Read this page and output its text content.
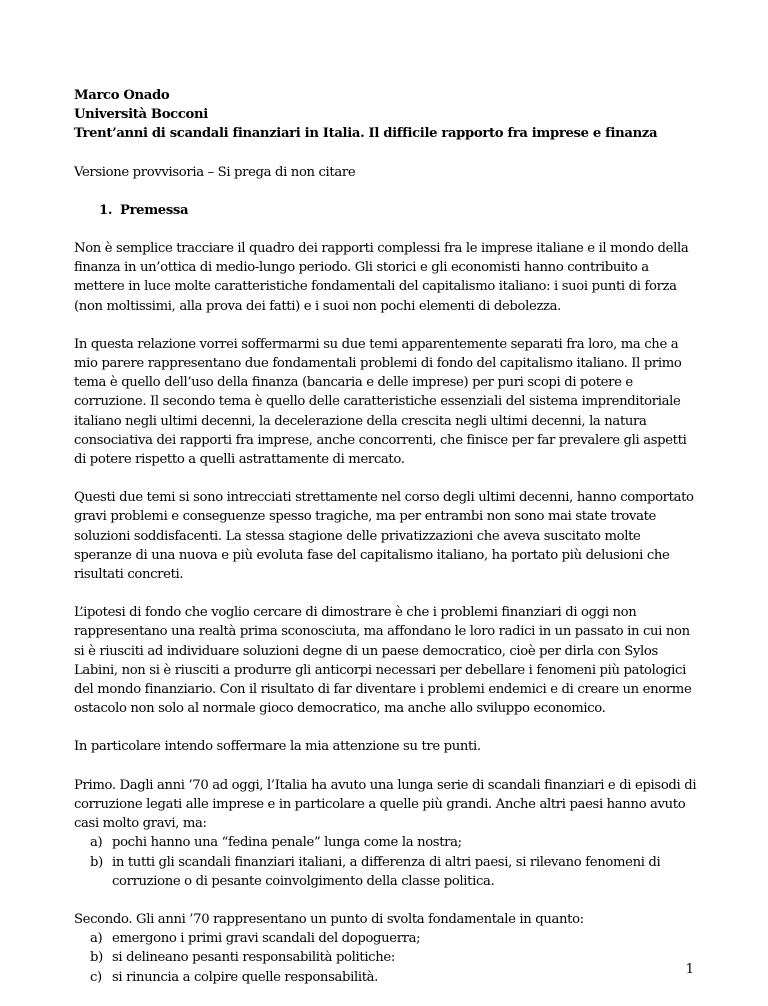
Marco Onado
Università Bocconi
Trent’anni di scandali finanziari in Italia. Il difficile rapporto fra imprese e finanza

Versione provvisoria – Si prega di non citare

1. Premessa

Non è semplice tracciare il quadro dei rapporti complessi fra le imprese italiane e il mondo della finanza in un’ottica di medio-lungo periodo. Gli storici e gli economisti hanno contribuito a mettere in luce molte caratteristiche fondamentali del capitalismo italiano: i suoi punti di forza (non moltissimi, alla prova dei fatti) e i suoi non pochi elementi di debolezza.

In questa relazione vorrei soffermarmi su due temi apparentemente separati fra loro, ma che a mio parere rappresentano due fondamentali problemi di fondo del capitalismo italiano. Il primo tema è quello dell’uso della finanza (bancaria e delle imprese) per puri scopi di potere e corruzione. Il secondo tema è quello delle caratteristiche essenziali del sistema imprenditoriale italiano negli ultimi decenni, la decelerazione della crescita negli ultimi decenni, la natura consociativa dei rapporti fra imprese, anche concorrenti, che finisce per far prevalere gli aspetti di potere rispetto a quelli astrattamente di mercato.

Questi due temi si sono intrecciati strettamente nel corso degli ultimi decenni, hanno comportato gravi problemi e conseguenze spesso tragiche, ma per entrambi non sono mai state trovate soluzioni soddisfacenti. La stessa stagione delle privatizzazioni che aveva suscitato molte speranze di una nuova e più evoluta fase del capitalismo italiano, ha portato più delusioni che risultati concreti.

L’ipotesi di fondo che voglio cercare di dimostrare è che i problemi finanziari di oggi non rappresentano una realtà prima sconosciuta, ma affondano le loro radici in un passato in cui non si è riusciti ad individuare soluzioni degne di un paese democratico, cioè per dirla con Sylos Labini, non si è riusciti a produrre gli anticorpi necessari per debellare i fenomeni più patologici del mondo finanziario. Con il risultato di far diventare i problemi endemici e di creare un enorme ostacolo non solo al normale gioco democratico, ma anche allo sviluppo economico.

In particolare intendo soffermare la mia attenzione su tre punti.

Primo. Dagli anni ’70 ad oggi, l’Italia ha avuto una lunga serie di scandali finanziari e di episodi di corruzione legati alle imprese e in particolare a quelle più grandi. Anche altri paesi hanno avuto casi molto gravi, ma:

a) pochi hanno una “fedina penale” lunga come la nostra;
b) in tutti gli scandali finanziari italiani, a differenza di altri paesi, si rilevano fenomeni di corruzione o di pesante coinvolgimento della classe politica.

Secondo. Gli anni ’70 rappresentano un punto di svolta fondamentale in quanto:

a) emergono i primi gravi scandali del dopoguerra;
b) si delineano pesanti responsabilità politiche:
c) si rinuncia a colpire quelle responsabilità.
1
